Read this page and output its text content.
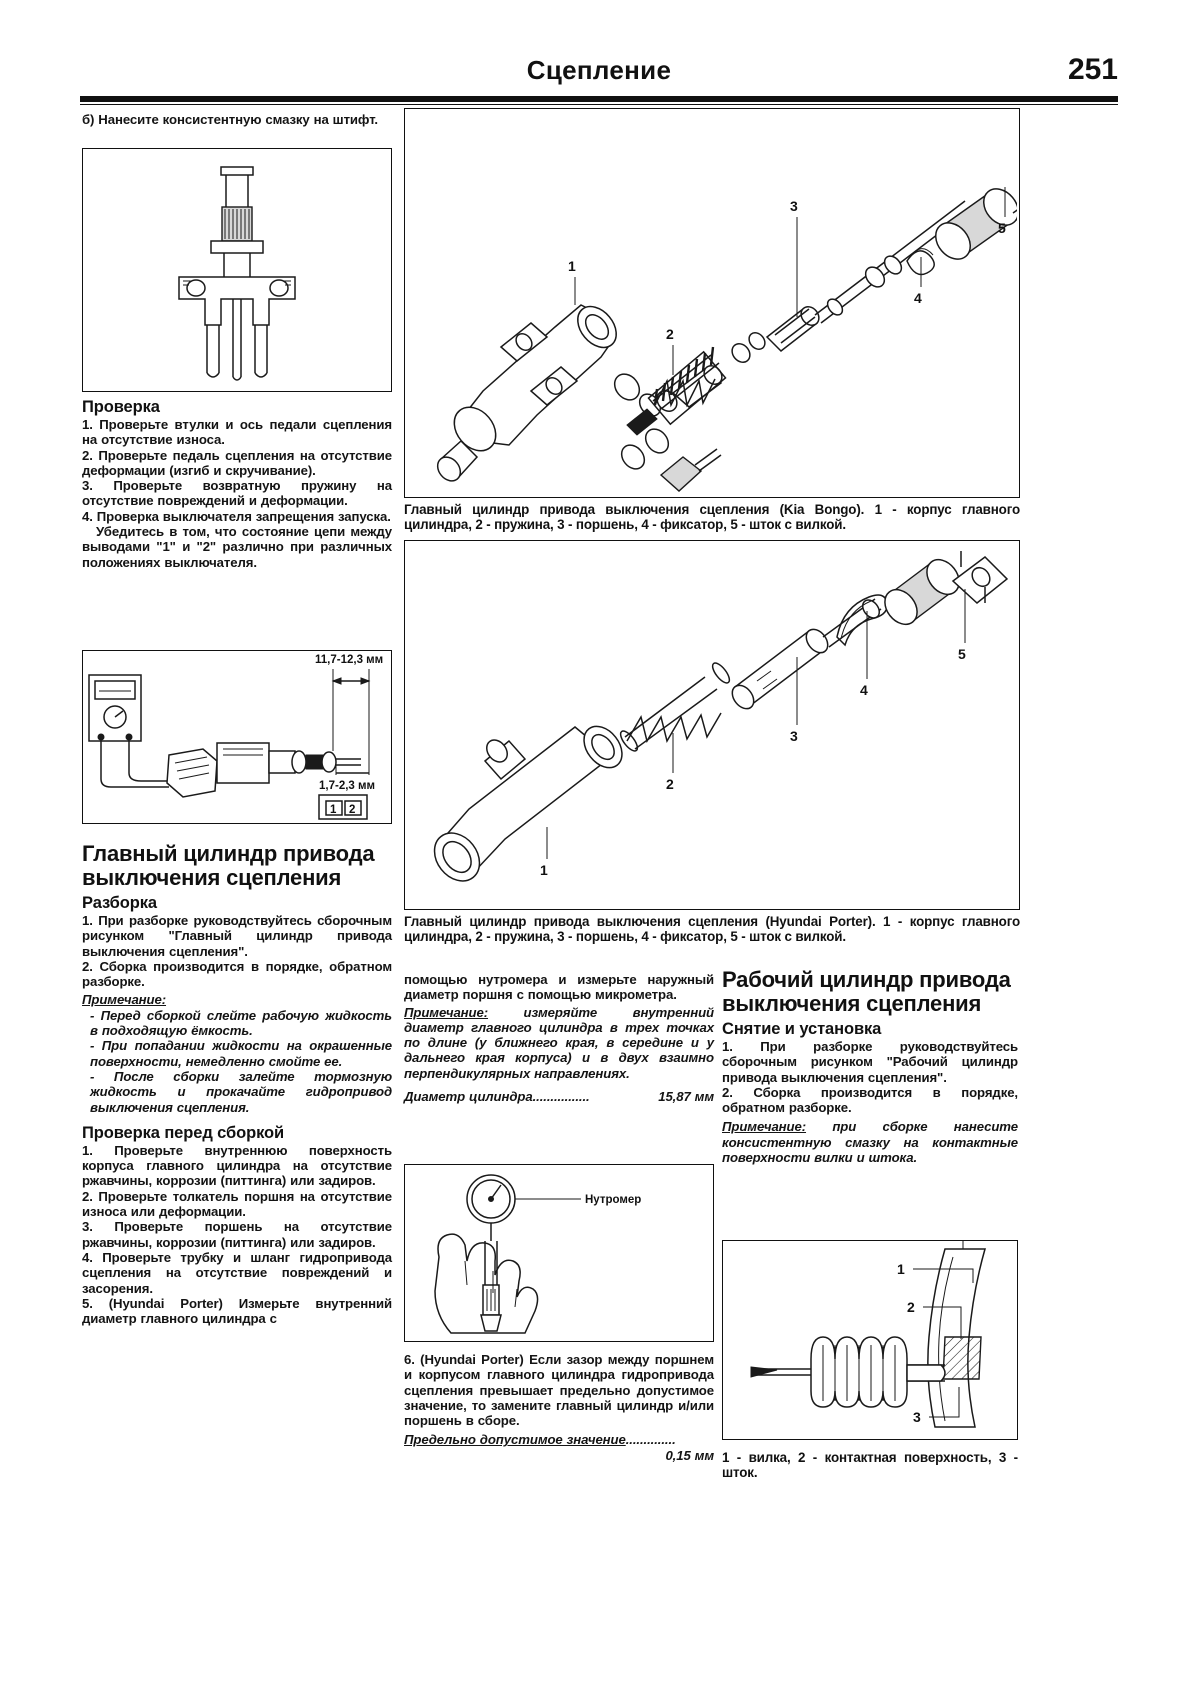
Сцепление	251
б) Нанесите консистентную смазку на штифт.
Проверка
1. Проверьте втулки и ось педали сцепления на отсутствие износа.
2. Проверьте педаль сцепления на отсутствие деформации (изгиб и скручивание).
3. Проверьте возвратную пружину на отсутствие повреждений и деформации.
4. Проверка выключателя запрещения запуска.
Убедитесь в том, что состояние цепи между выводами "1" и "2" различно при различных положениях выключателя.
11,7-12,3 мм
1,7-2,3 мм
1 2
Главный цилиндр привода выключения сцепления
Разборка
1. При разборке руководствуйтесь сборочным рисунком "Главный цилиндр привода выключения сцепления".
2. Сборка производится в порядке, обратном разборке.
Примечание:
- Перед сборкой слейте рабочую жидкость в подходящую ёмкость.
- При попадании жидкости на окрашенные поверхности, немедленно смойте ее.
- После сборки залейте тормозную жидкость и прокачайте гидропривод выключения сцепления.
Проверка перед сборкой
1. Проверьте внутреннюю поверхность корпуса главного цилиндра на отсутствие ржавчины, коррозии (питтинга) или задиров.
2. Проверьте толкатель поршня на отсутствие износа или деформации.
3. Проверьте поршень на отсутствие ржавчины, коррозии (питтинга) или задиров.
4. Проверьте трубку и шланг гидропривода сцепления на отсутствие повреждений и засорения.
5. (Hyundai Porter) Измерьте внутренний диаметр главного цилиндра с
1
2
3
4
5
Главный цилиндр привода выключения сцепления (Kia Bongo). 1 - корпус главного цилиндра, 2 - пружина, 3 - поршень, 4 - фиксатор, 5 - шток с вилкой.
1
2
3
4
5
Главный цилиндр привода выключения сцепления (Hyundai Porter). 1 - корпус главного цилиндра, 2 - пружина, 3 - поршень, 4 - фиксатор, 5 - шток с вилкой.
помощью нутромера и измерьте наружный диаметр поршня с помощью микрометра.
Примечание:	измеряйте внутренний диаметр главного цилиндра в трех точках по длине (у ближнего края, в середине и у дальнего края корпуса) и в двух взаимно перпендикулярных направлениях.
Диаметр цилиндра................	15,87 мм
Нутромер
6. (Hyundai Porter) Если зазор между поршнем и корпусом главного цилиндра гидропривода сцепления превышает предельно допустимое значение, то замените главный цилиндр и/или поршень в сборе.
Предельно допустимое значение..............
0,15 мм
Рабочий цилиндр привода выключения сцепления
Снятие и установка
1. При разборке руководствуйтесь сборочным рисунком "Рабочий цилиндр привода выключения сцепления".
2. Сборка производится в порядке, обратном разборке.
Примечание: при сборке нанесите консистентную смазку на контактные поверхности вилки и штока.
1
2
3
1 - вилка, 2 - контактная поверхность, 3 - шток.
